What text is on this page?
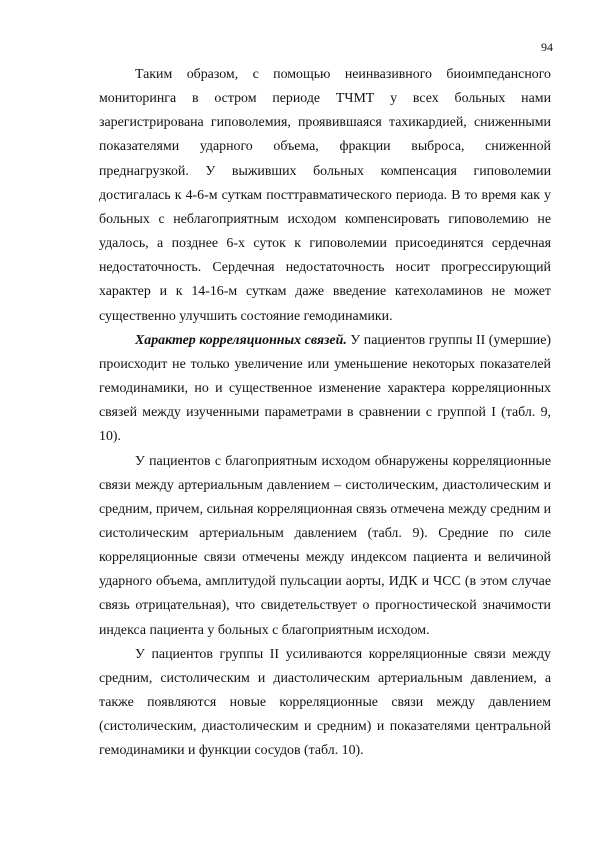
94

Таким образом, с помощью неинвазивного биоимпедансного мониторинга в остром периоде ТЧМТ у всех больных нами зарегистрирована гиповолемия, проявившаяся тахикардией, сниженными показателями ударного объема, фракции выброса, сниженной преднагрузкой. У выживших больных компенсация гиповолемии достигалась к 4-6-м суткам посттравматического периода. В то время как у больных с неблагоприятным исходом компенсировать гиповолемию не удалось, а позднее 6-х суток к гиповолемии присоединятся сердечная недостаточность. Сердечная недостаточность носит прогрессирующий характер и к 14-16-м суткам даже введение катехоламинов не может существенно улучшить состояние гемодинамики.

Характер корреляционных связей. У пациентов группы II (умершие) происходит не только увеличение или уменьшение некоторых показателей гемодинамики, но и существенное изменение характера корреляционных связей между изученными параметрами в сравнении с группой I (табл. 9, 10).

У пациентов с благоприятным исходом обнаружены корреляционные связи между артериальным давлением – систолическим, диастолическим и средним, причем, сильная корреляционная связь отмечена между средним и систолическим артериальным давлением (табл. 9). Средние по силе корреляционные связи отмечены между индексом пациента и величиной ударного объема, амплитудой пульсации аорты, ИДК и ЧСС (в этом случае связь отрицательная), что свидетельствует о прогностической значимости индекса пациента у больных с благоприятным исходом.

У пациентов группы II усиливаются корреляционные связи между средним, систолическим и диастолическим артериальным давлением, а также появляются новые корреляционные связи между давлением (систолическим, диастолическим и средним) и показателями центральной гемодинамики и функции сосудов (табл. 10).
